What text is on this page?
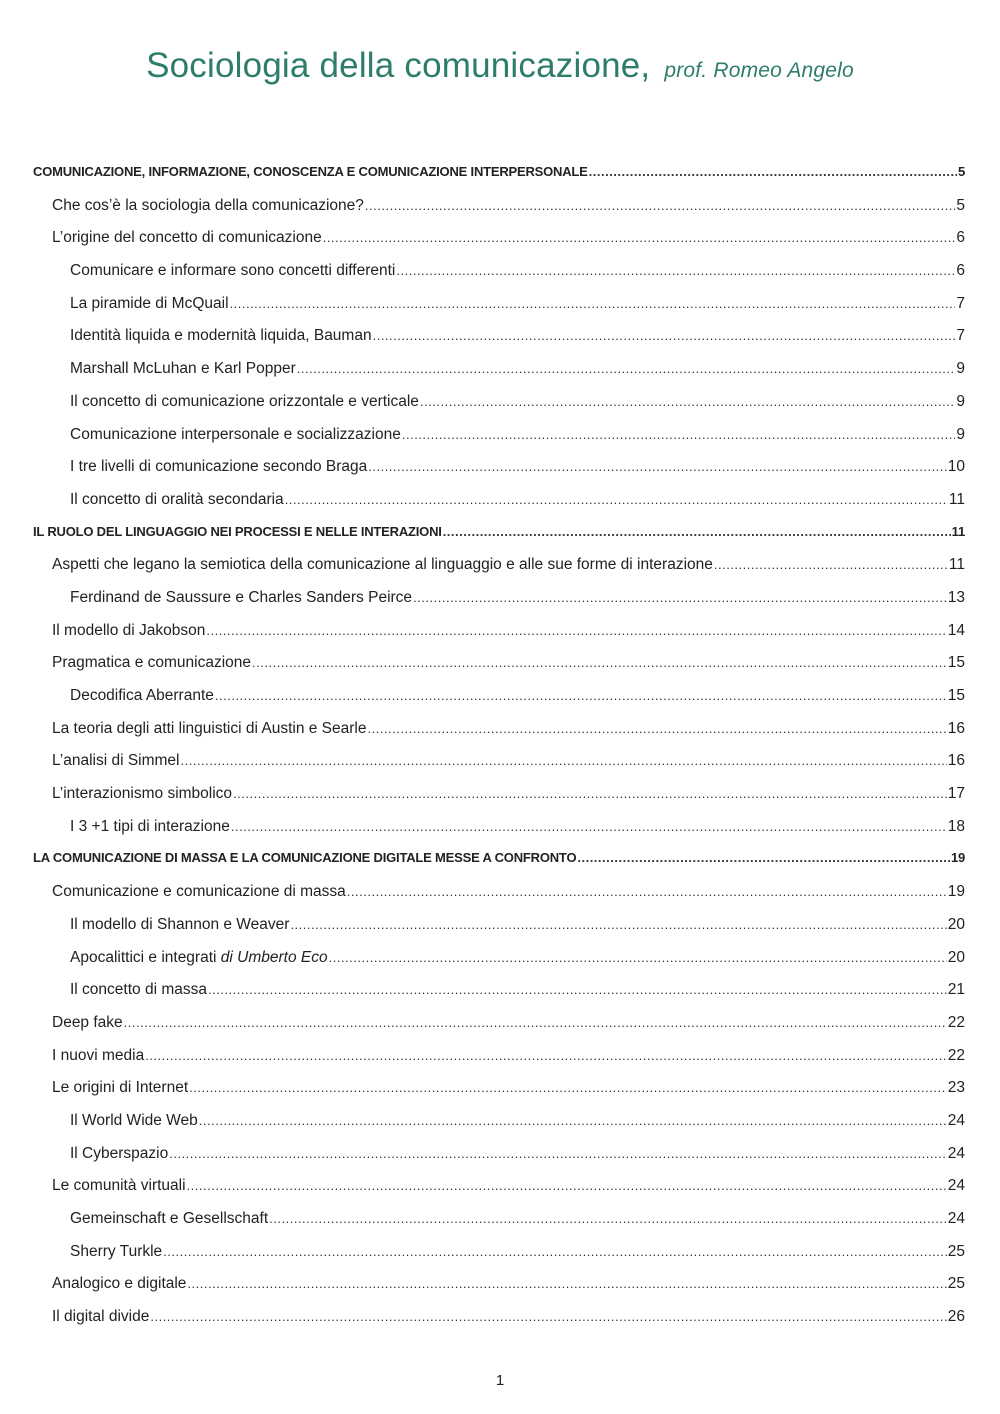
Sociologia della comunicazione, prof. Romeo Angelo
COMUNICAZIONE, INFORMAZIONE, CONOSCENZA E COMUNICAZIONE INTERPERSONALE .....	5
Che cos’è la sociologia della comunicazione? .....	5
L’origine del concetto di comunicazione .....	6
Comunicare e informare sono concetti differenti .....	6
La piramide di McQuail .....	7
Identità liquida e modernità liquida, Bauman .....	7
Marshall McLuhan e Karl Popper .....	9
Il concetto di comunicazione orizzontale e verticale .....	9
Comunicazione interpersonale e socializzazione .....	9
I tre livelli di comunicazione secondo Braga .....	10
Il concetto di oralità secondaria .....	11
IL RUOLO DEL LINGUAGGIO NEI PROCESSI E NELLE INTERAZIONI .....	11
Aspetti che legano la semiotica della comunicazione al linguaggio e alle sue forme di interazione .....	11
Ferdinand de Saussure e Charles Sanders Peirce .....	13
Il modello di Jakobson .....	14
Pragmatica e comunicazione .....	15
Decodifica Aberrante .....	15
La teoria degli atti linguistici di Austin e Searle .....	16
L’analisi di Simmel .....	16
L’interazionismo simbolico .....	17
I 3 +1 tipi di interazione .....	18
LA COMUNICAZIONE DI MASSA E LA COMUNICAZIONE DIGITALE MESSE A CONFRONTO .....	19
Comunicazione e comunicazione di massa .....	19
Il modello di Shannon e Weaver .....	20
Apocalittici e integrati di Umberto Eco .....	20
Il concetto di massa .....	21
Deep fake .....	22
I nuovi media .....	22
Le origini di Internet .....	23
Il World Wide Web .....	24
Il Cyberspazio .....	24
Le comunità virtuali .....	24
Gemeinschaft e Gesellschaft .....	24
Sherry Turkle .....	25
Analogico e digitale .....	25
Il digital divide .....	26
1
